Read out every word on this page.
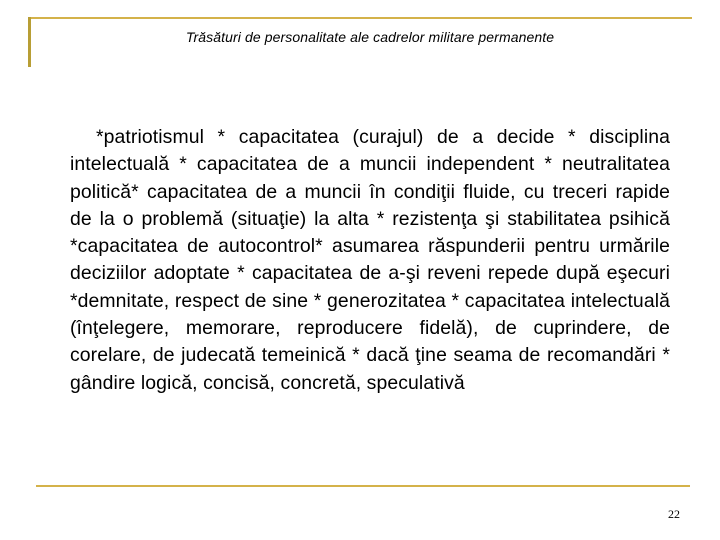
Trăsături de personalitate ale cadrelor militare permanente
*patriotismul * capacitatea (curajul) de a decide * disciplina intelectuală * capacitatea de a muncii independent * neutralitatea politică* capacitatea de a muncii în condiţii fluide, cu treceri rapide de la o problemă (situaţie) la alta * rezistenţa şi stabilitatea psihică *capacitatea de autocontrol* asumarea răspunderii pentru urmările deciziilor adoptate * capacitatea de a-şi reveni repede după eşecuri *demnitate, respect de sine * generozitatea * capacitatea intelectuală (înţelegere, memorare, reproducere fidelă), de cuprindere, de corelare, de judecată temeinică * dacă ţine seama de recomandări * gândire logică, concisă, concretă, speculativă
22
